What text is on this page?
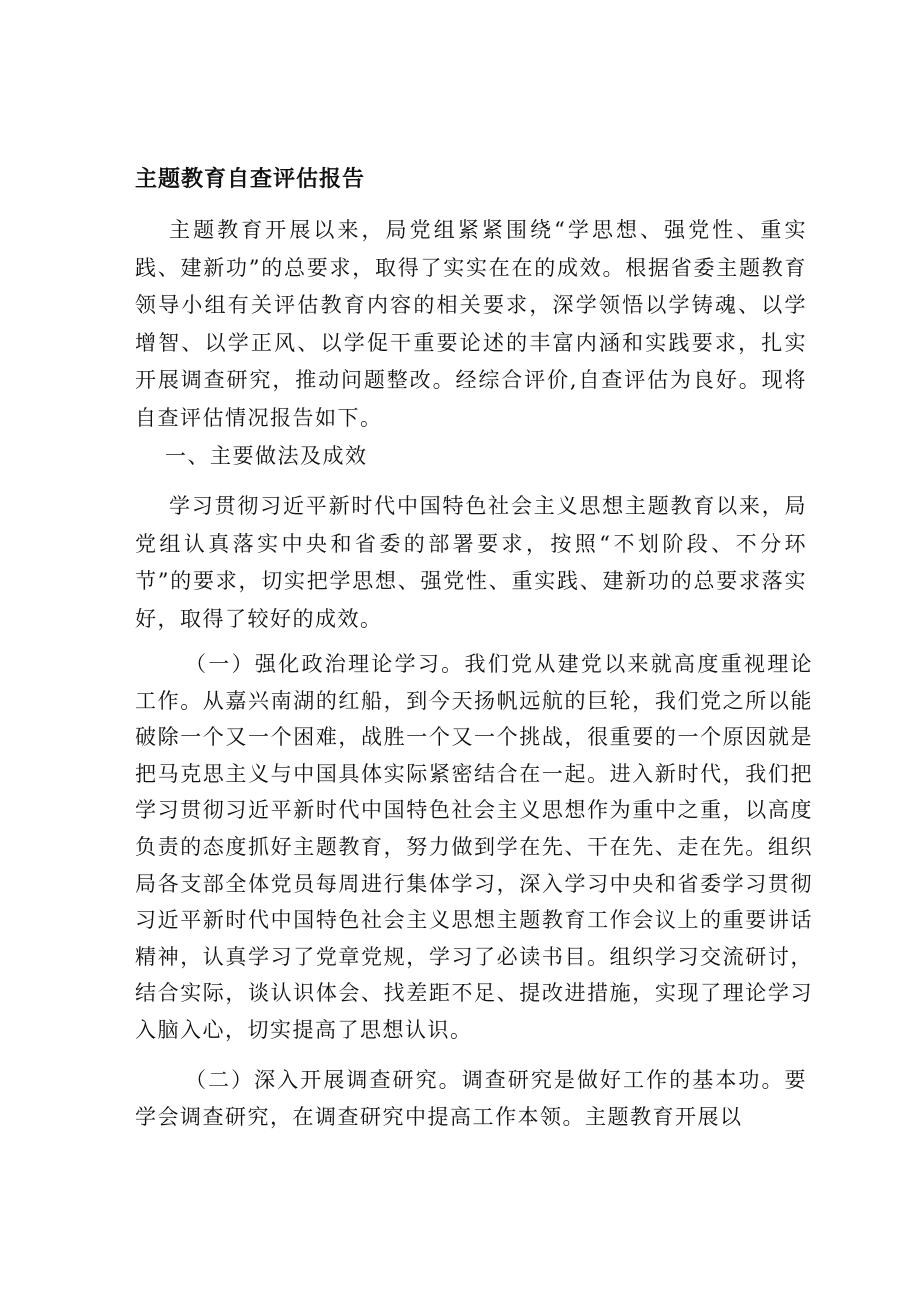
主题教育自查评估报告

主题教育开展以来，局党组紧紧围绕“学思想、强党性、重实践、建新功”的总要求，取得了实实在在的成效。根据省委主题教育领导小组有关评估教育内容的相关要求，深学领悟以学铸魂、以学增智、以学正风、以学促干重要论述的丰富内涵和实践要求，扎实开展调查研究，推动问题整改。经综合评价,自查评估为良好。现将自查评估情况报告如下。

一、主要做法及成效

学习贯彻习近平新时代中国特色社会主义思想主题教育以来，局党组认真落实中央和省委的部署要求，按照“不划阶段、不分环节”的要求，切实把学思想、强党性、重实践、建新功的总要求落实好，取得了较好的成效。

（一）强化政治理论学习。我们党从建党以来就高度重视理论工作。从嘉兴南湖的红船，到今天扬帆远航的巨轮，我们党之所以能破除一个又一个困难，战胜一个又一个挑战，很重要的一个原因就是把马克思主义与中国具体实际紧密结合在一起。进入新时代，我们把学习贯彻习近平新时代中国特色社会主义思想作为重中之重，以高度负责的态度抓好主题教育，努力做到学在先、干在先、走在先。组织局各支部全体党员每周进行集体学习，深入学习中央和省委学习贯彻习近平新时代中国特色社会主义思想主题教育工作会议上的重要讲话精神，认真学习了党章党规，学习了必读书目。组织学习交流研讨，结合实际，谈认识体会、找差距不足、提改进措施，实现了理论学习入脑入心，切实提高了思想认识。

（二）深入开展调查研究。调查研究是做好工作的基本功。要学会调查研究，在调查研究中提高工作本领。主题教育开展以
